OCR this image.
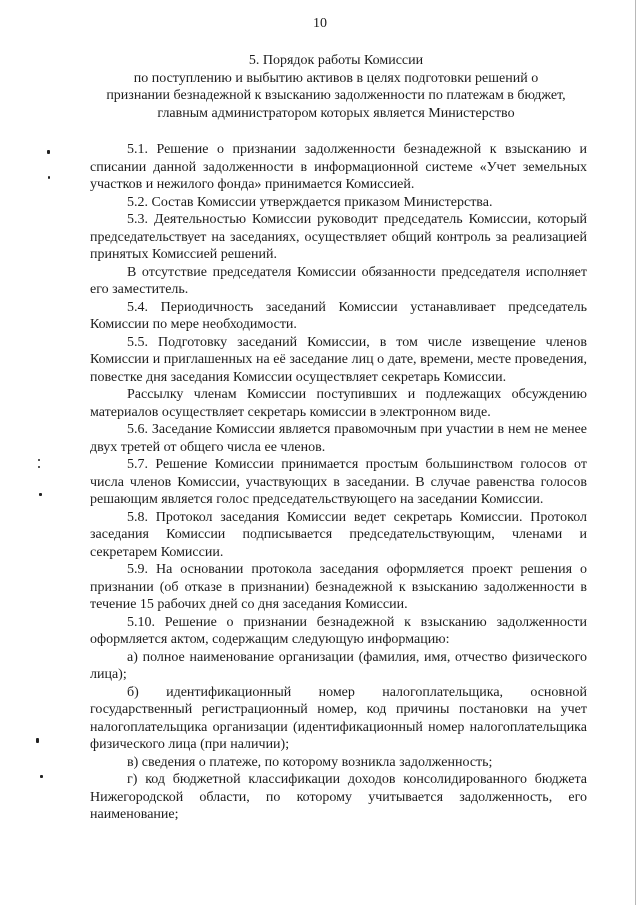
10
5. Порядок работы Комиссии
по поступлению и выбытию активов в целях подготовки решений о
признании безнадежной к взысканию задолженности по платежам в бюджет,
главным администратором которых является Министерство

5.1. Решение о признании задолженности безнадежной к взысканию и списании данной задолженности в информационной системе «Учет земельных участков и нежилого фонда» принимается Комиссией.

5.2. Состав Комиссии утверждается приказом Министерства.

5.3. Деятельностью Комиссии руководит председатель Комиссии, который председательствует на заседаниях, осуществляет общий контроль за реализацией принятых Комиссией решений.

В отсутствие председателя Комиссии обязанности председателя исполняет его заместитель.

5.4. Периодичность заседаний Комиссии устанавливает председатель Комиссии по мере необходимости.

5.5. Подготовку заседаний Комиссии, в том числе извещение членов Комиссии и приглашенных на её заседание лиц о дате, времени, месте проведения, повестке дня заседания Комиссии осуществляет секретарь Комиссии.

Рассылку членам Комиссии поступивших и подлежащих обсуждению материалов осуществляет секретарь комиссии в электронном виде.

5.6. Заседание Комиссии является правомочным при участии в нем не менее двух третей от общего числа ее членов.

5.7. Решение Комиссии принимается простым большинством голосов от числа членов Комиссии, участвующих в заседании. В случае равенства голосов решающим является голос председательствующего на заседании Комиссии.

5.8. Протокол заседания Комиссии ведет секретарь Комиссии. Протокол заседания Комиссии подписывается председательствующим, членами и секретарем Комиссии.

5.9. На основании протокола заседания оформляется проект решения о признании (об отказе в признании) безнадежной к взысканию задолженности в течение 15 рабочих дней со дня заседания Комиссии.

5.10. Решение о признании безнадежной к взысканию задолженности оформляется актом, содержащим следующую информацию:

а) полное наименование организации (фамилия, имя, отчество физического лица);

б) идентификационный номер налогоплательщика, основной государственный регистрационный номер, код причины постановки на учет налогоплательщика организации (идентификационный номер налогоплательщика физического лица (при наличии);

в) сведения о платеже, по которому возникла задолженность;

г) код бюджетной классификации доходов консолидированного бюджета Нижегородской области, по которому учитывается задолженность, его наименование;
